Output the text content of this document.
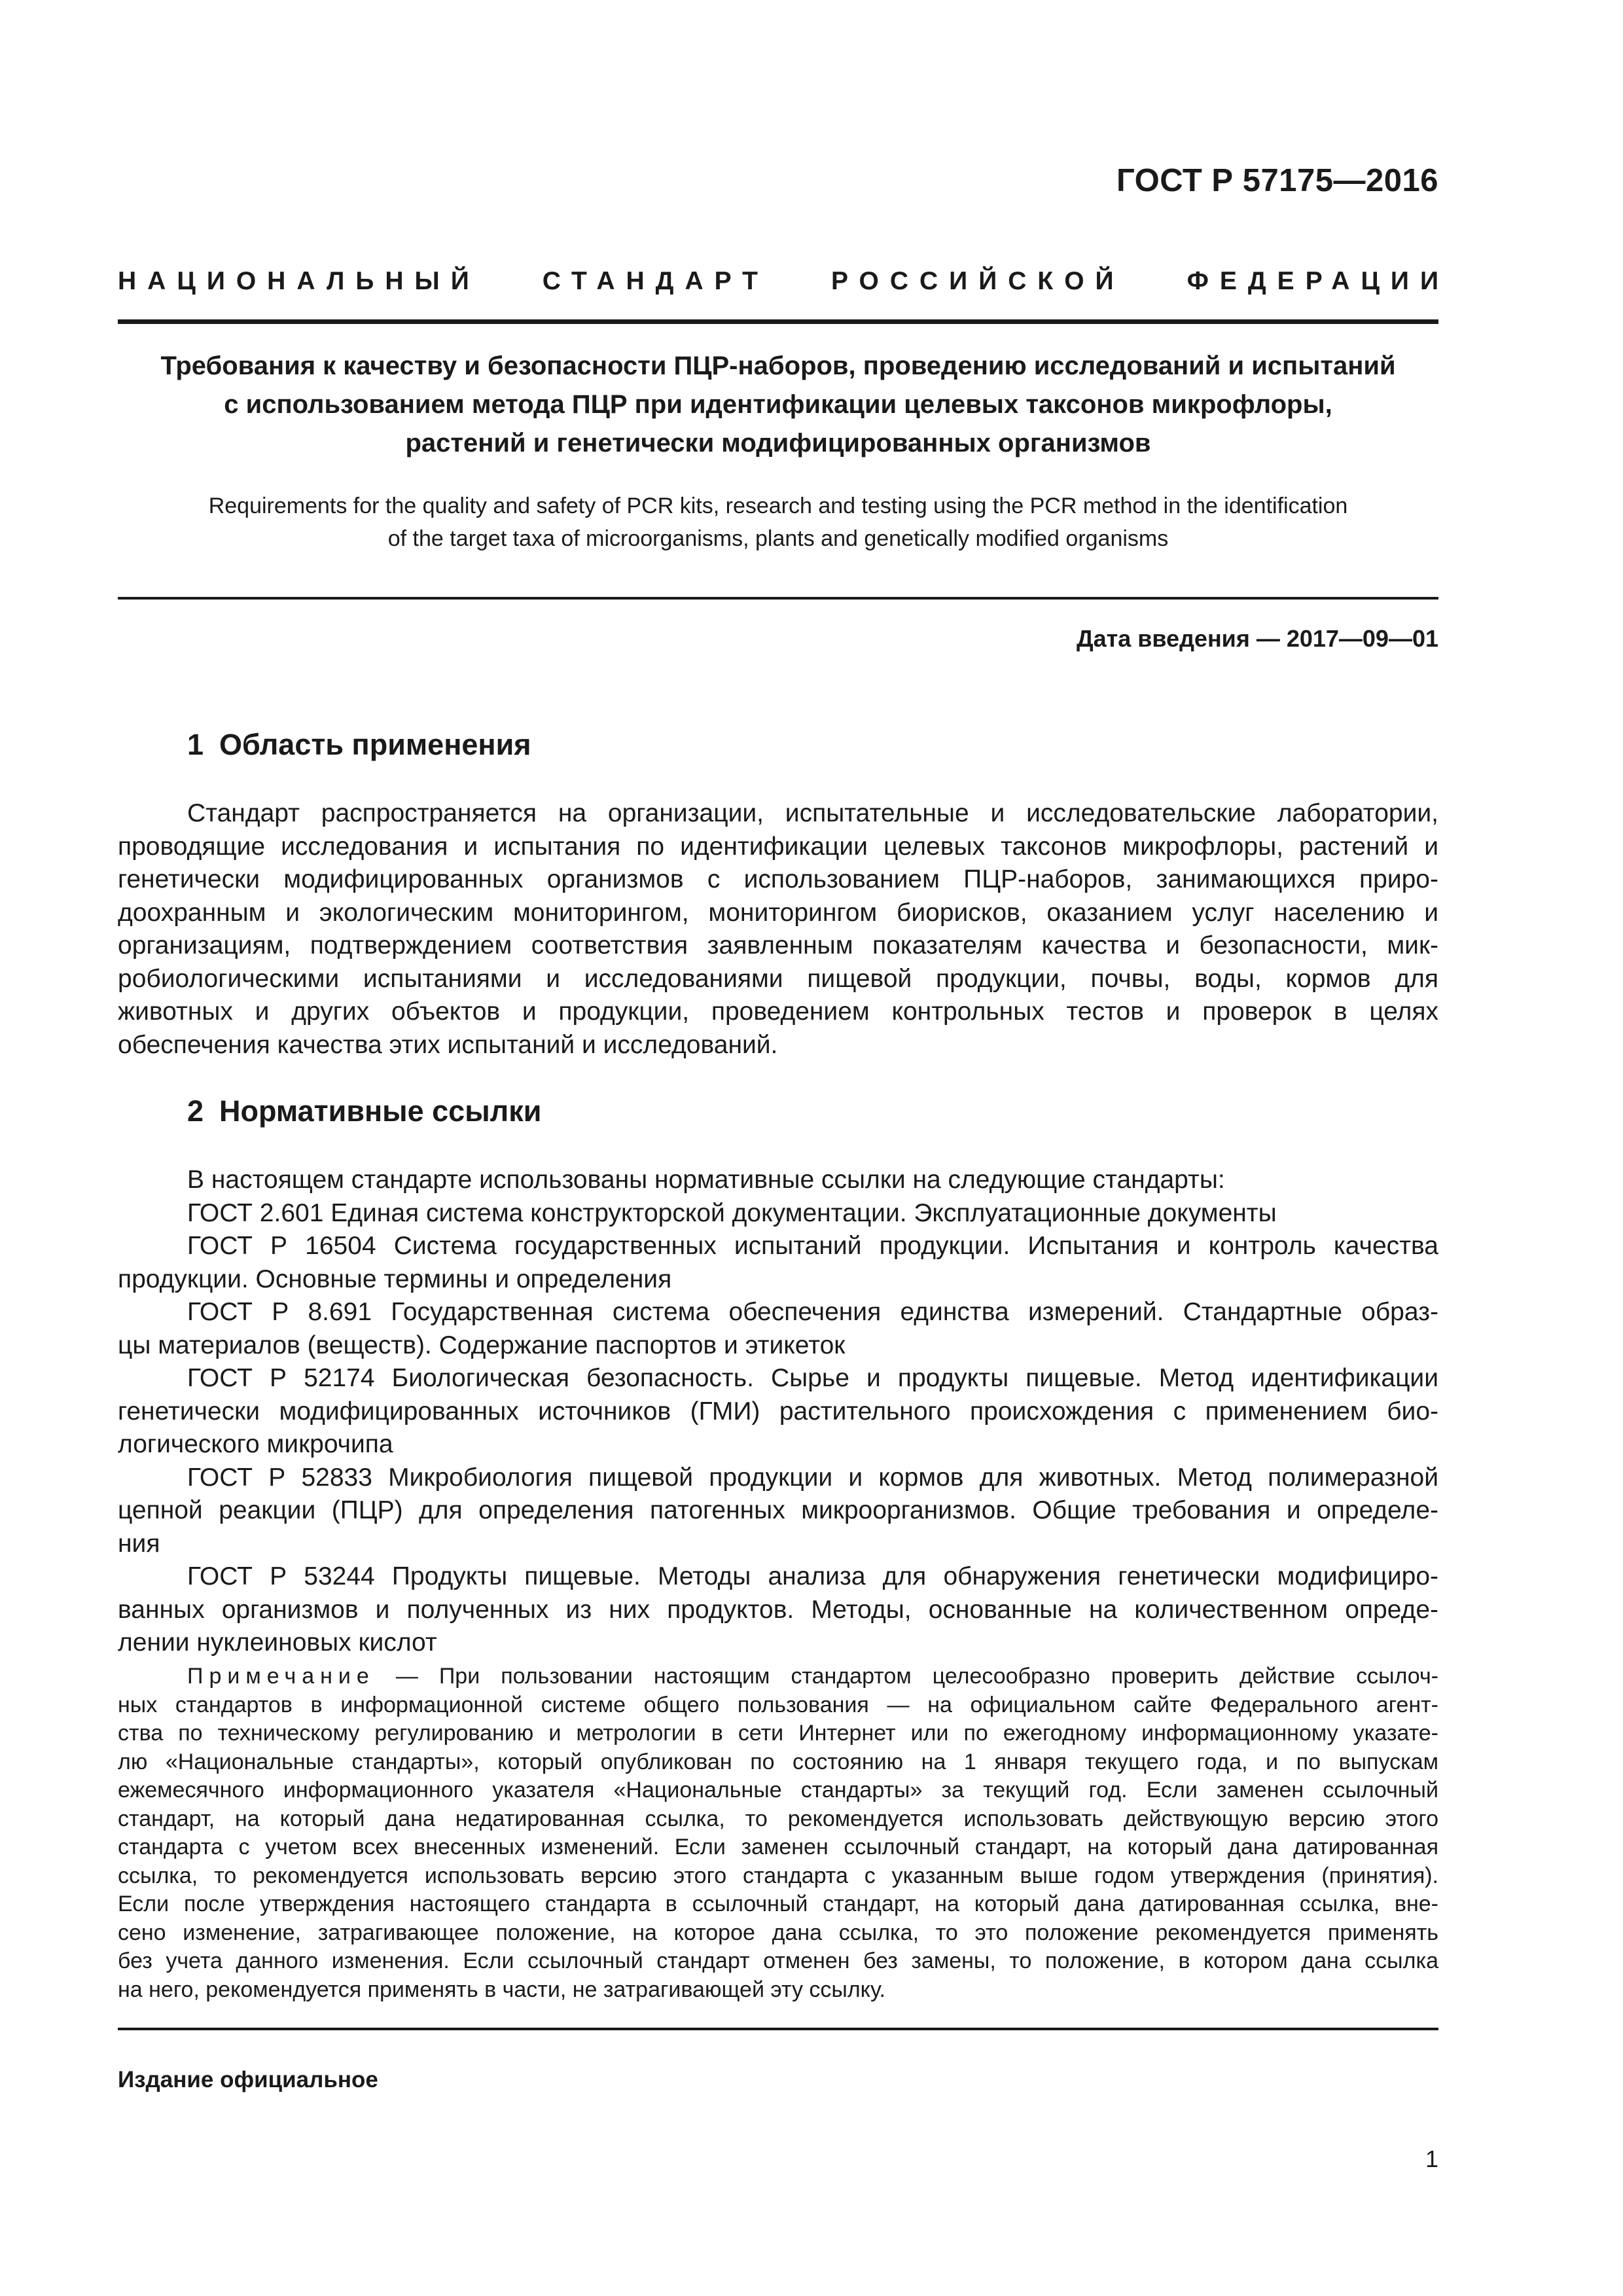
ГОСТ Р 57175—2016
НАЦИОНАЛЬНЫЙ СТАНДАРТ РОССИЙСКОЙ ФЕДЕРАЦИИ
Требования к качеству и безопасности ПЦР-наборов, проведению исследований и испытаний
с использованием метода ПЦР при идентификации целевых таксонов микрофлоры,
растений и генетически модифицированных организмов
Requirements for the quality and safety of PCR kits, research and testing using the PCR method in the identification
of the target taxa of microorganisms, plants and genetically modified organisms
Дата введения — 2017—09—01
1 Область применения
Стандарт распространяется на организации, испытательные и исследовательские лаборатории,
проводящие исследования и испытания по идентификации целевых таксонов микрофлоры, растений и
генетически модифицированных организмов с использованием ПЦР-наборов, занимающихся приро-
доохранным и экологическим мониторингом, мониторингом биорисков, оказанием услуг населению и
организациям, подтверждением соответствия заявленным показателям качества и безопасности, мик-
робиологическими испытаниями и исследованиями пищевой продукции, почвы, воды, кормов для
животных и других объектов и продукции, проведением контрольных тестов и проверок в целях
обеспечения качества этих испытаний и исследований.
2 Нормативные ссылки
В настоящем стандарте использованы нормативные ссылки на следующие стандарты:
ГОСТ 2.601 Единая система конструкторской документации. Эксплуатационные документы
ГОСТ Р 16504 Система государственных испытаний продукции. Испытания и контроль качества
продукции. Основные термины и определения
ГОСТ Р 8.691 Государственная система обеспечения единства измерений. Стандартные образ-
цы материалов (веществ). Содержание паспортов и этикеток
ГОСТ Р 52174 Биологическая безопасность. Сырье и продукты пищевые. Метод идентификации
генетически модифицированных источников (ГМИ) растительного происхождения с применением био-
логического микрочипа
ГОСТ Р 52833 Микробиология пищевой продукции и кормов для животных. Метод полимеразной
цепной реакции (ПЦР) для определения патогенных микроорганизмов. Общие требования и определе-
ния
ГОСТ Р 53244 Продукты пищевые. Методы анализа для обнаружения генетически модифициро-
ванных организмов и полученных из них продуктов. Методы, основанные на количественном опреде-
лении нуклеиновых кислот
Примечание — При пользовании настоящим стандартом целесообразно проверить действие ссылоч-
ных стандартов в информационной системе общего пользования — на официальном сайте Федерального агент-
ства по техническому регулированию и метрологии в сети Интернет или по ежегодному информационному указате-
лю «Национальные стандарты», который опубликован по состоянию на 1 января текущего года, и по выпускам
ежемесячного информационного указателя «Национальные стандарты» за текущий год. Если заменен ссылочный
стандарт, на который дана недатированная ссылка, то рекомендуется использовать действующую версию этого
стандарта с учетом всех внесенных изменений. Если заменен ссылочный стандарт, на который дана датированная
ссылка, то рекомендуется использовать версию этого стандарта с указанным выше годом утверждения (принятия).
Если после утверждения настоящего стандарта в ссылочный стандарт, на который дана датированная ссылка, вне-
сено изменение, затрагивающее положение, на которое дана ссылка, то это положение рекомендуется применять
без учета данного изменения. Если ссылочный стандарт отменен без замены, то положение, в котором дана ссылка
на него, рекомендуется применять в части, не затрагивающей эту ссылку.
Издание официальное
1
